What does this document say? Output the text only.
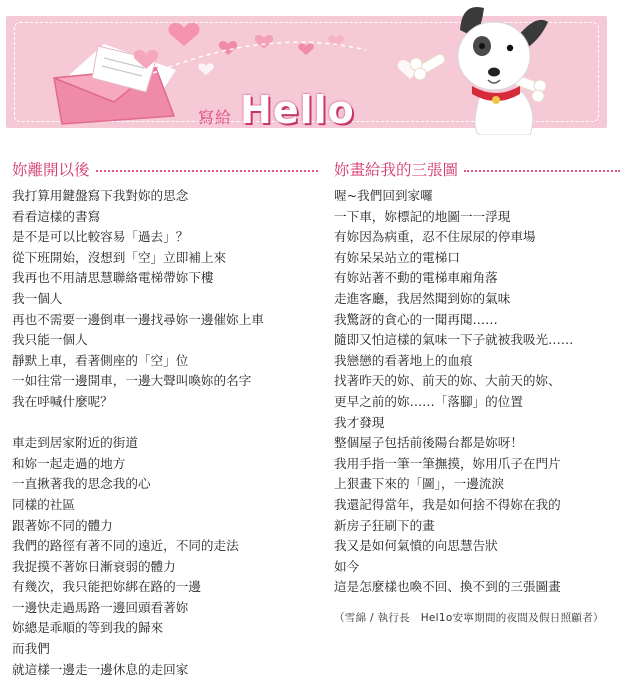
寫給 Hello
妳離開以後
我打算用鍵盤寫下我對妳的思念
看看這樣的書寫
是不是可以比較容易「過去」？
從下班開始，沒想到「空」立即補上來
我再也不用請思慧聯絡電梯帶妳下樓
我一個人
再也不需要一邊倒車一邊找尋妳一邊催妳上車
我只能一個人
靜默上車，看著側座的「空」位
一如往常一邊開車，一邊大聲叫喚妳的名字
我在呼喊什麼呢？
車走到居家附近的街道
和妳一起走過的地方
一直揪著我的思念我的心
同樣的社區
跟著妳不同的體力
我們的路徑有著不同的遠近，不同的走法
我捉摸不著妳日漸衰弱的體力
有幾次，我只能把妳綁在路的一邊
一邊快走過馬路一邊回頭看著妳
妳總是乖順的等到我的歸來
而我們
就這樣一邊走一邊休息的走回家
妳畫給我的三張圖
喔~我們回到家囉
一下車，妳標記的地圖一一浮現
有妳因為病重，忍不住尿尿的停車場
有妳呆呆站立的電梯口
有妳站著不動的電梯車廂角落
走進客廳，我居然聞到妳的氣味
我驚訝的貪心的一聞再聞……
隨即又怕這樣的氣味一下子就被我吸光……
我戀戀的看著地上的血痕
找著昨天的妳、前天的妳、大前天的妳、
更早之前的妳……「落腳」的位置
我才發現
整個屋子包括前後陽台都是妳呀！
我用手指一筆一筆撫摸，妳用爪子在門片
上狠畫下來的「圖」，一邊流淚
我還記得當年，我是如何捨不得妳在我的
新房子狂刷下的畫
我又是如何氣憤的向思慧告狀
如今
這是怎麼樣也喚不回、換不到的三張圖畫
（雪綿 / 執行長　Hel1o安寧期間的夜間及假日照顧者）
